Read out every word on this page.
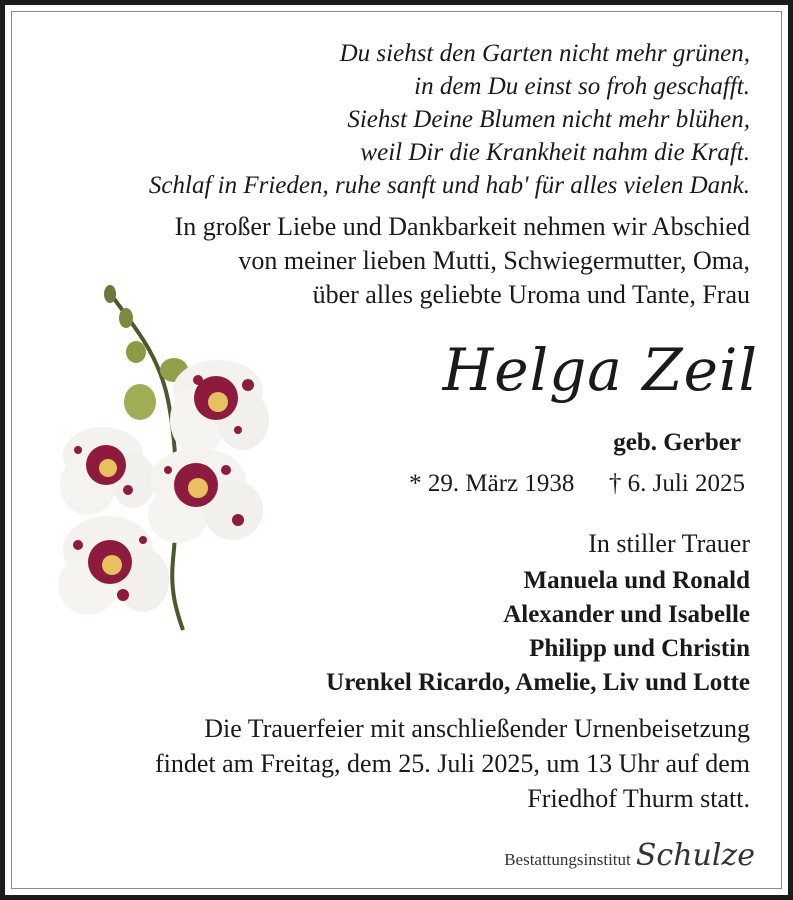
Du siehst den Garten nicht mehr grünen,
in dem Du einst so froh geschafft.
Siehst Deine Blumen nicht mehr blühen,
weil Dir die Krankheit nahm die Kraft.
Schlaf in Frieden, ruhe sanft und hab' für alles vielen Dank.
In großer Liebe und Dankbarkeit nehmen wir Abschied
von meiner lieben Mutti, Schwiegermutter, Oma,
über alles geliebte Uroma und Tante, Frau
Helga Zeil
geb. Gerber
* 29. März 1938 † 6. Juli 2025
In stiller Trauer
Manuela und Ronald
Alexander und Isabelle
Philipp und Christin
Urenkel Ricardo, Amelie, Liv und Lotte
Die Trauerfeier mit anschließender Urnenbeisetzung
findet am Freitag, dem 25. Juli 2025, um 13 Uhr auf dem
Friedhof Thurm statt.
Bestattungsinstitut Schulze
